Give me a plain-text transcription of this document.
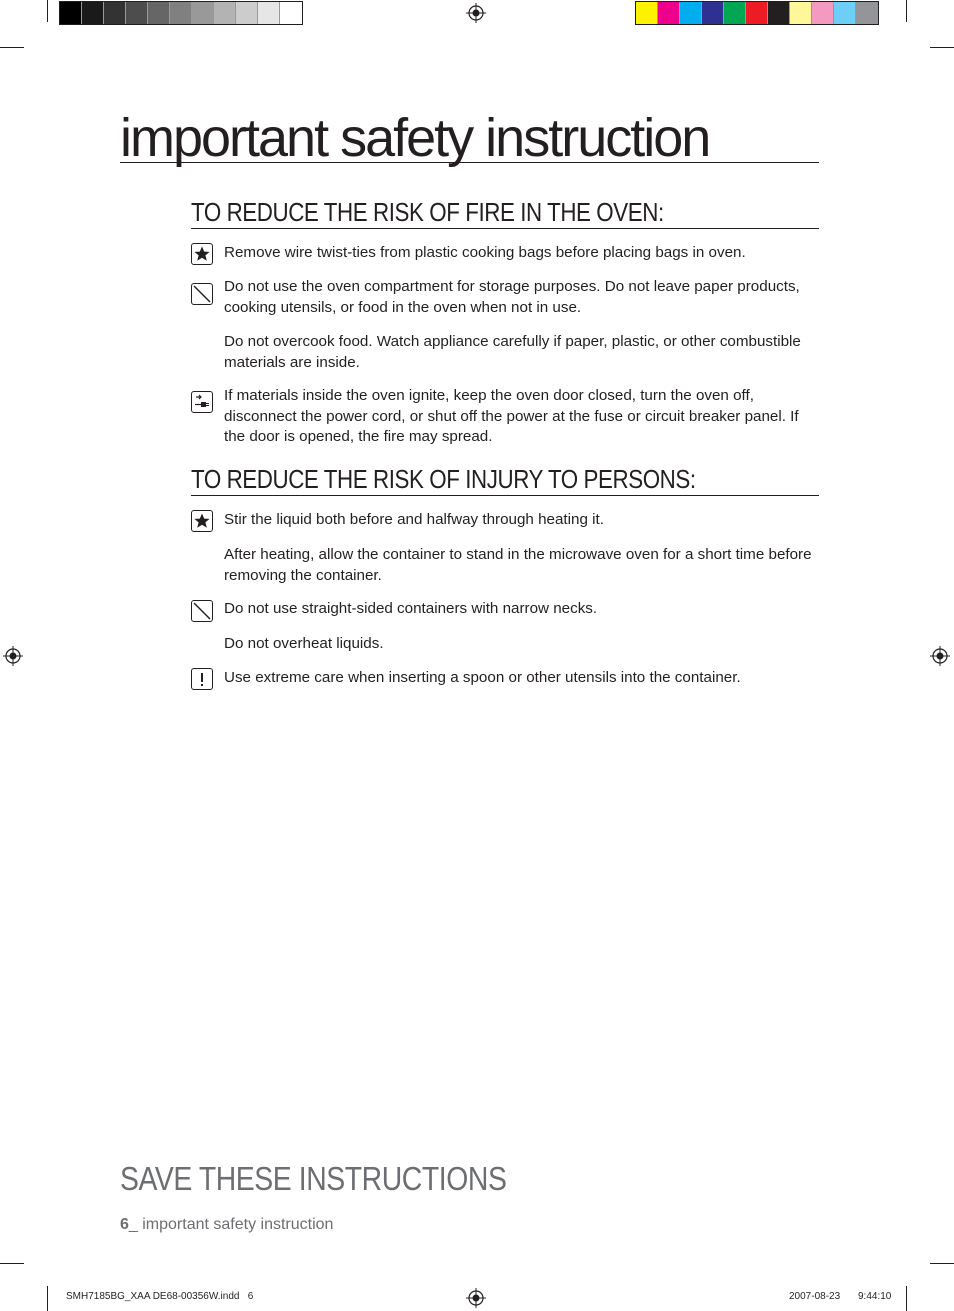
important safety instruction
TO REDUCE THE RISK OF FIRE IN THE OVEN:
Remove wire twist-ties from plastic cooking bags before placing bags in oven.
Do not use the oven compartment for storage purposes. Do not leave paper products, cooking utensils, or food in the oven when not in use.
Do not overcook food. Watch appliance carefully if paper, plastic, or other combustible materials are inside.
If materials inside the oven ignite, keep the oven door closed, turn the oven off, disconnect the power cord, or shut off the power at the fuse or circuit breaker panel. If the door is opened, the fire may spread.
TO REDUCE THE RISK OF INJURY TO PERSONS:
Stir the liquid both before and halfway through heating it.
After heating, allow the container to stand in the microwave oven for a short time before removing the container.
Do not use straight-sided containers with narrow necks.
Do not overheat liquids.
Use extreme care when inserting a spoon or other utensils into the container.
SAVE THESE INSTRUCTIONS
6_ important safety instruction
SMH7185BG_XAA DE68-00356W.indd   6	2007-08-23 9:44:10
